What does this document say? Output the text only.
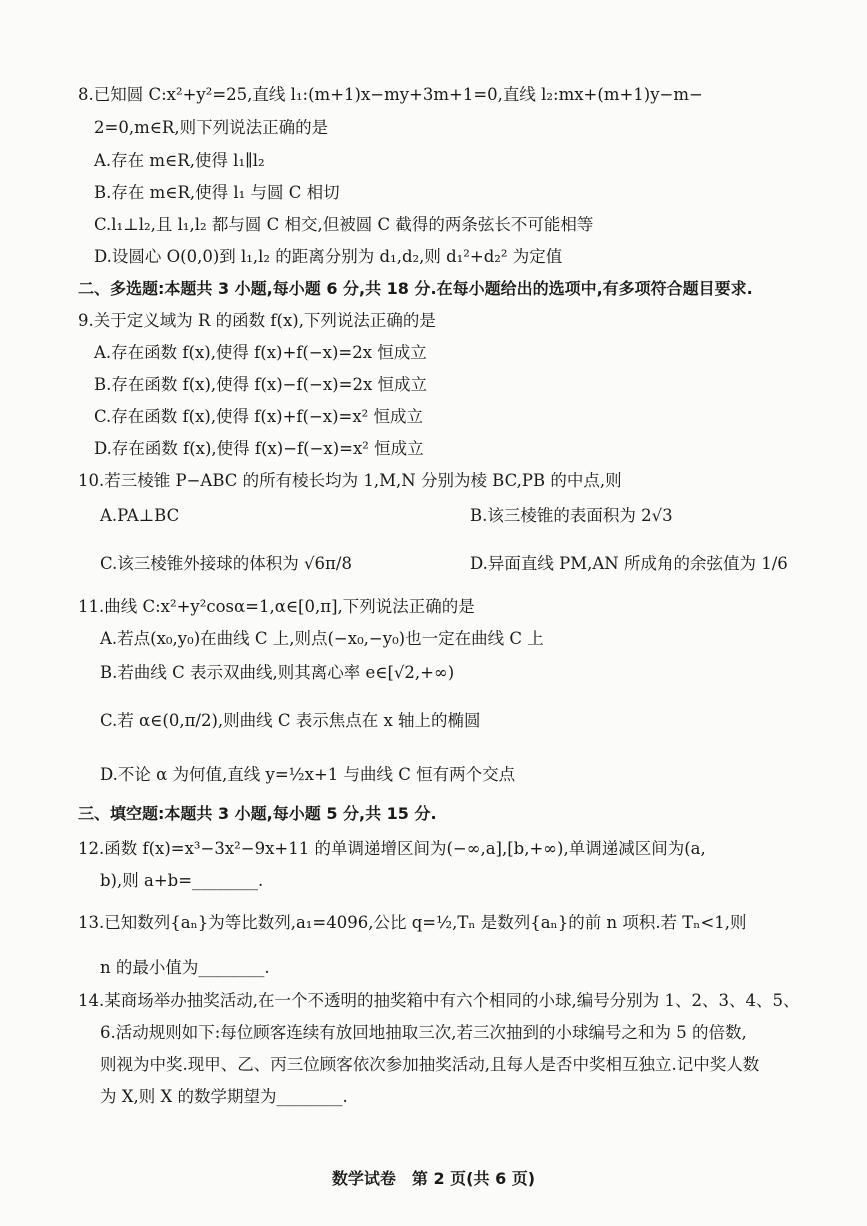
8.已知圆 C:x²+y²=25,直线 l₁:(m+1)x−my+3m+1=0,直线 l₂:mx+(m+1)y−m−
2=0,m∈R,则下列说法正确的是
A.存在 m∈R,使得 l₁∥l₂
B.存在 m∈R,使得 l₁ 与圆 C 相切
C.l₁⊥l₂,且 l₁,l₂ 都与圆 C 相交,但被圆 C 截得的两条弦长不可能相等
D.设圆心 O(0,0)到 l₁,l₂ 的距离分别为 d₁,d₂,则 d₁²+d₂² 为定值
二、多选题:本题共 3 小题,每小题 6 分,共 18 分.在每小题给出的选项中,有多项符合题目要求.
9.关于定义域为 R 的函数 f(x),下列说法正确的是
A.存在函数 f(x),使得 f(x)+f(−x)=2x 恒成立
B.存在函数 f(x),使得 f(x)−f(−x)=2x 恒成立
C.存在函数 f(x),使得 f(x)+f(−x)=x² 恒成立
D.存在函数 f(x),使得 f(x)−f(−x)=x² 恒成立
10.若三棱锥 P−ABC 的所有棱长均为 1,M,N 分别为棱 BC,PB 的中点,则
A.PA⊥BC	B.该三棱锥的表面积为 2√3
C.该三棱锥外接球的体积为 √6π/8	D.异面直线 PM,AN 所成角的余弦值为 1/6
11.曲线 C:x²+y²cosα=1,α∈[0,π],下列说法正确的是
A.若点(x₀,y₀)在曲线 C 上,则点(−x₀,−y₀)也一定在曲线 C 上
B.若曲线 C 表示双曲线,则其离心率 e∈[√2,+∞)
C.若 α∈(0,π/2),则曲线 C 表示焦点在 x 轴上的椭圆
D.不论 α 为何值,直线 y=½x+1 与曲线 C 恒有两个交点
三、填空题:本题共 3 小题,每小题 5 分,共 15 分.
12.函数 f(x)=x³−3x²−9x+11 的单调递增区间为(−∞,a],[b,+∞),单调递减区间为(a,
b),则 a+b=________.
13.已知数列{aₙ}为等比数列,a₁=4096,公比 q=½,Tₙ 是数列{aₙ}的前 n 项积.若 Tₙ<1,则
n 的最小值为________.
14.某商场举办抽奖活动,在一个不透明的抽奖箱中有六个相同的小球,编号分别为 1、2、3、4、5、
6.活动规则如下:每位顾客连续有放回地抽取三次,若三次抽到的小球编号之和为 5 的倍数,
则视为中奖.现甲、乙、丙三位顾客依次参加抽奖活动,且每人是否中奖相互独立.记中奖人数
为 X,则 X 的数学期望为________.
数学试卷　第 2 页(共 6 页)
